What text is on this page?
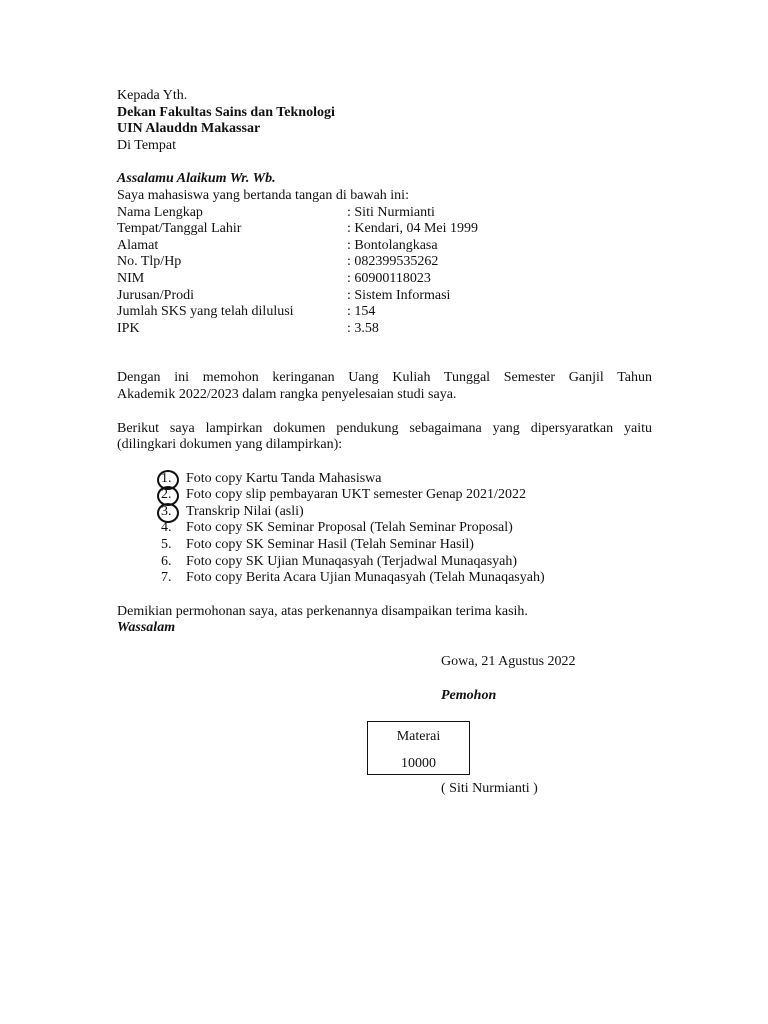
Kepada Yth.
Dekan Fakultas Sains dan Teknologi
UIN Alauddn Makassar
Di Tempat
Assalamu Alaikum Wr. Wb.
Saya mahasiswa yang bertanda tangan di bawah ini:
Nama Lengkap	: Siti Nurmianti
Tempat/Tanggal Lahir	: Kendari, 04 Mei 1999
Alamat	: Bontolangkasa
No. Tlp/Hp	: 082399535262
NIM	: 60900118023
Jurusan/Prodi	: Sistem Informasi
Jumlah SKS yang telah dilulusi	: 154
IPK	: 3.58
Dengan ini memohon keringanan Uang Kuliah Tunggal Semester Ganjil Tahun
Akademik 2022/2023 dalam rangka penyelesaian studi saya.
Berikut saya lampirkan dokumen pendukung sebagaimana yang dipersyaratkan yaitu
(dilingkari dokumen yang dilampirkan):
1.	Foto copy Kartu Tanda Mahasiswa
2.	Foto copy slip pembayaran UKT semester Genap 2021/2022
3.	Transkrip Nilai (asli)
4.	Foto copy SK Seminar Proposal (Telah Seminar Proposal)
5.	Foto copy SK Seminar Hasil (Telah Seminar Hasil)
6.	Foto copy SK Ujian Munaqasyah (Terjadwal Munaqasyah)
7.	Foto copy Berita Acara Ujian Munaqasyah (Telah Munaqasyah)
Demikian permohonan saya, atas perkenannya disampaikan terima kasih.
Wassalam
Gowa, 21 Agustus 2022
Pemohon
Materai
10000
( Siti Nurmianti )
